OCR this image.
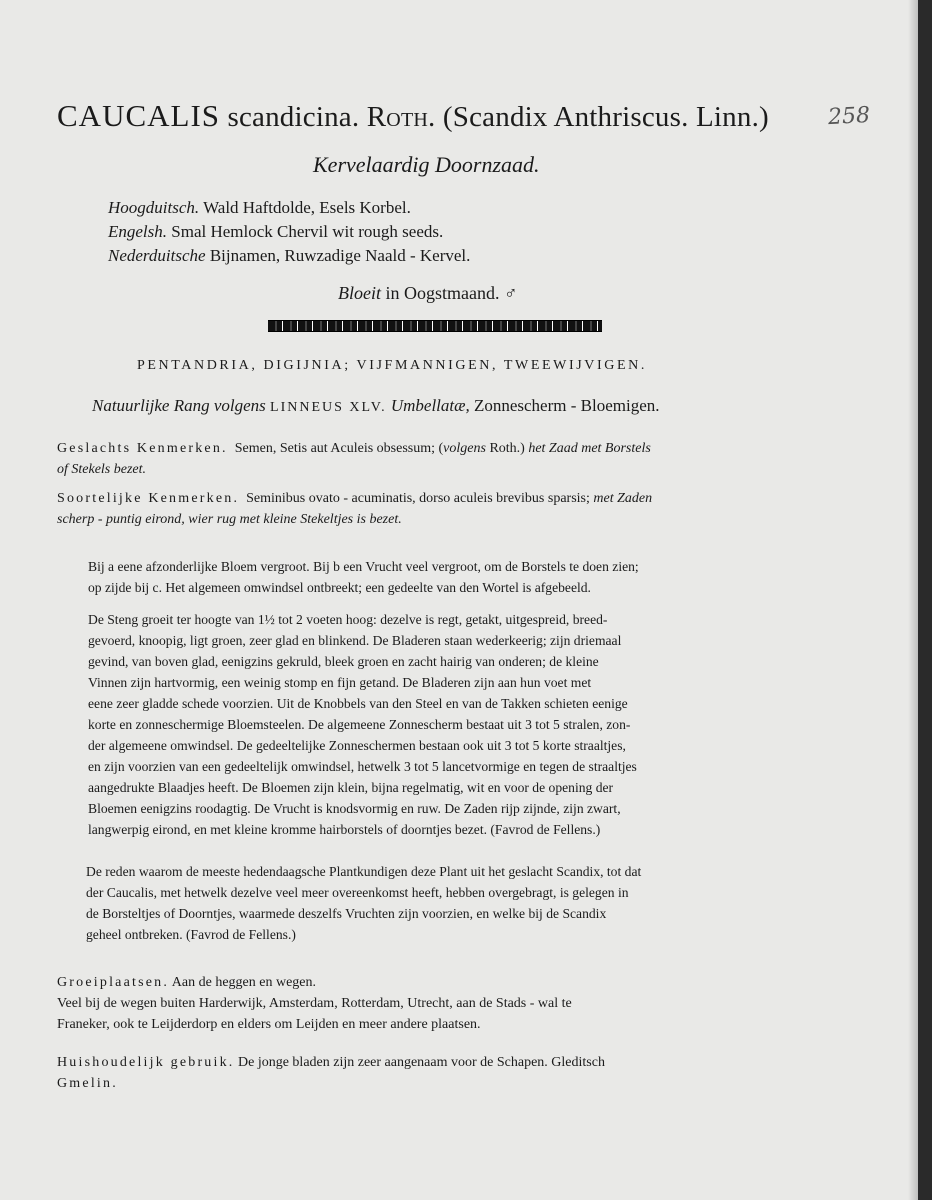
CAUCALIS scandicina. Roth. (Scandix Anthriscus. Linn.)	258
Kervelaardig Doornzaad.
Hoogduitsch. Wald Haftdolde, Esels Korbel.
Engelsh. Smal Hemlock Chervil wit rough seeds.
Nederduitsche Bijnamen, Ruwzadige Naald - Kervel.
Bloeit in Oogstmaand. ♂
PENTANDRIA, DIGIJNIA; VIJFMANNIGEN, TWEEWIJVIGEN.
Natuurlijke Rang volgens LINNEUS XLV. Umbellatæ, Zonnescherm - Bloemigen.
Geslachts Kenmerken. Semen, Setis aut Aculeis obsessum; (volgens Roth.) het Zaad met Borstels
of Stekels bezet.
Soortelijke Kenmerken. Seminibus ovato - acuminatis, dorso aculeis brevibus sparsis; met Zaden
scherp - puntig eirond, wier rug met kleine Stekeltjes is bezet.
Bij a eene afzonderlijke Bloem vergroot. Bij b een Vrucht veel vergroot, om de Borstels te doen zien;
op zijde bij c. Het algemeen omwindsel ontbreekt; een gedeelte van den Wortel is afgebeeld.
De Steng groeit ter hoogte van 1½ tot 2 voeten hoog: dezelve is regt, getakt, uitgespreid, breed-
gevoerd, knoopig, ligt groen, zeer glad en blinkend. De Bladeren staan wederkeerig; zijn driemaal
gevind, van boven glad, eenigzins gekruld, bleek groen en zacht hairig van onderen; de kleine
Vinnen zijn hartvormig, een weinig stomp en fijn getand. De Bladeren zijn aan hun voet met
eene zeer gladde schede voorzien. Uit de Knobbels van den Steel en van de Takken schieten eenige
korte en zonneschermige Bloemsteelen. De algemeene Zonnescherm bestaat uit 3 tot 5 stralen, zon-
der algemeene omwindsel. De gedeeltelijke Zonneschermen bestaan ook uit 3 tot 5 korte straaltjes,
en zijn voorzien van een gedeeltelijk omwindsel, hetwelk 3 tot 5 lancetvormige en tegen de straaltjes
aangedrukte Blaadjes heeft. De Bloemen zijn klein, bijna regelmatig, wit en voor de opening der
Bloemen eenigzins roodagtig. De Vrucht is knodsvormig en ruw. De Zaden rijp zijnde, zijn zwart,
langwerpig eirond, en met kleine kromme hairborstels of doorntjes bezet. (Favrod de Fellens.)
De reden waarom de meeste hedendaagsche Plantkundigen deze Plant uit het geslacht Scandix, tot dat
der Caucalis, met hetwelk dezelve veel meer overeenkomst heeft, hebben overgebragt, is gelegen in
de Borsteltjes of Doorntjes, waarmede deszelfs Vruchten zijn voorzien, en welke bij de Scandix
geheel ontbreken. (Favrod de Fellens.)
Groeiplaatsen. Aan de heggen en wegen.
Veel bij de wegen buiten Harderwijk, Amsterdam, Rotterdam, Utrecht, aan de Stads - wal te
Franeker, ook te Leijderdorp en elders om Leijden en meer andere plaatsen.
Huishoudelijk gebruik. De jonge bladen zijn zeer aangenaam voor de Schapen. Gleditsch
Gmelin.
